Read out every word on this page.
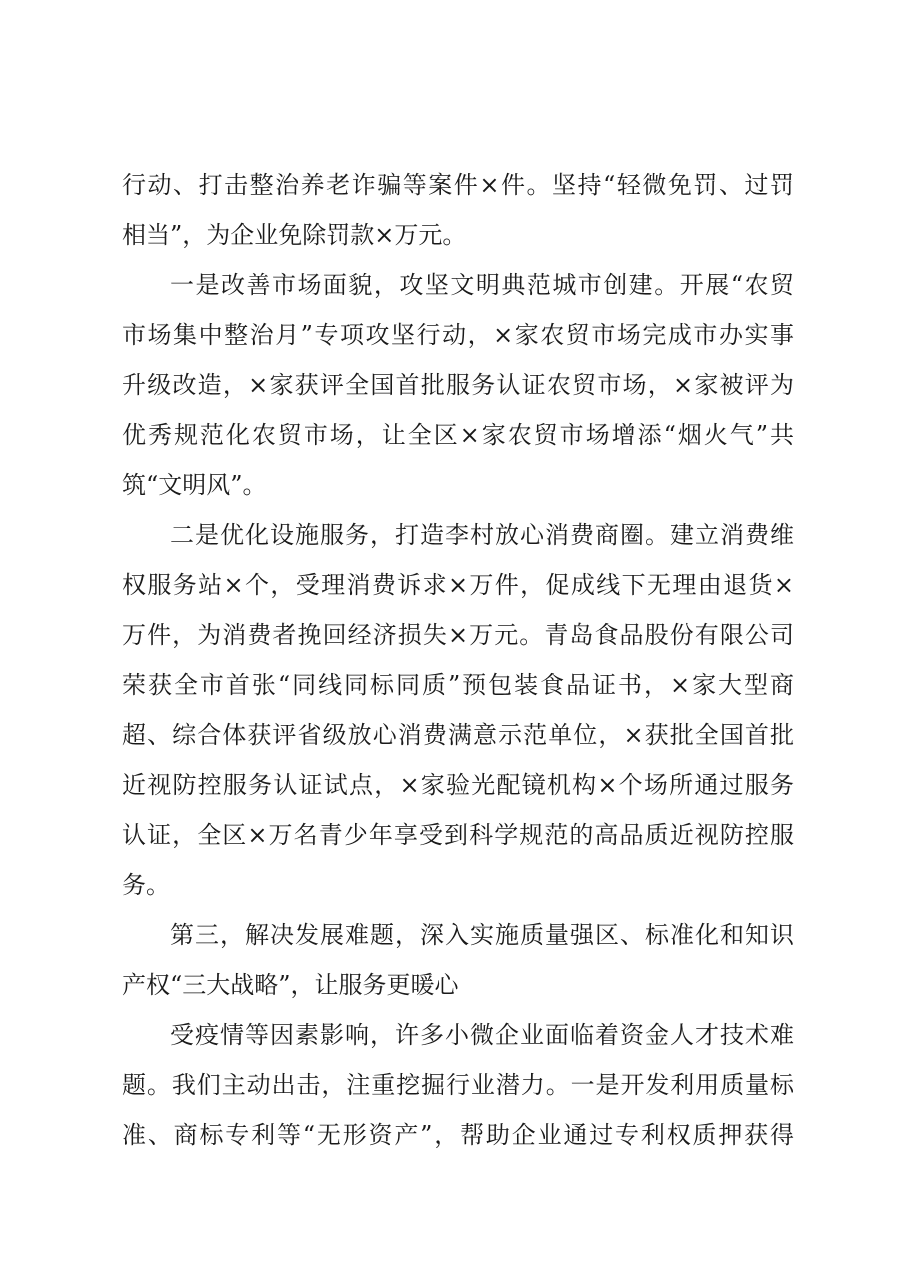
行动、打击整治养老诈骗等案件×件。坚持“轻微免罚、过罚
相当”，为企业免除罚款×万元。
一是改善市场面貌，攻坚文明典范城市创建。开展“农贸
市场集中整治月”专项攻坚行动，×家农贸市场完成市办实事
升级改造，×家获评全国首批服务认证农贸市场，×家被评为
优秀规范化农贸市场，让全区×家农贸市场增添“烟火气”共
筑“文明风”。
二是优化设施服务，打造李村放心消费商圈。建立消费维
权服务站×个，受理消费诉求×万件，促成线下无理由退货×
万件，为消费者挽回经济损失×万元。青岛食品股份有限公司
荣获全市首张“同线同标同质”预包装食品证书，×家大型商
超、综合体获评省级放心消费满意示范单位，×获批全国首批
近视防控服务认证试点，×家验光配镜机构×个场所通过服务
认证，全区×万名青少年享受到科学规范的高品质近视防控服
务。
第三，解决发展难题，深入实施质量强区、标准化和知识
产权“三大战略”，让服务更暖心
受疫情等因素影响，许多小微企业面临着资金人才技术难
题。我们主动出击，注重挖掘行业潜力。一是开发利用质量标
准、商标专利等“无形资产”，帮助企业通过专利权质押获得
